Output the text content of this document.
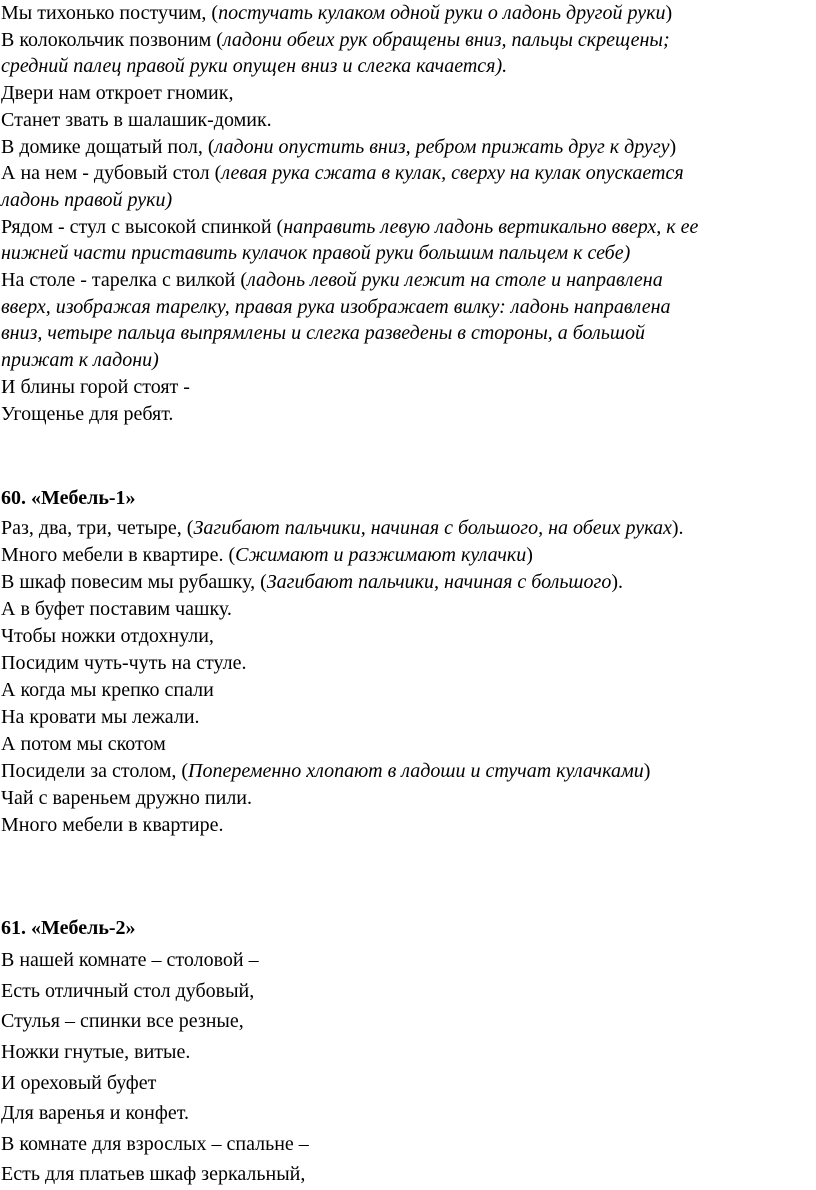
Мы тихонько постучим, (постучать кулаком одной руки о ладонь другой руки)
В колокольчик позвоним (ладони обеих рук обращены вниз, пальцы скрещены;
средний палец правой руки опущен вниз и слегка качается).
Двери нам откроет гномик,
Станет звать в шалашик-домик.
В домике дощатый пол, (ладони опустить вниз, ребром прижать друг к другу)
А на нем - дубовый стол (левая рука сжата в кулак, сверху на кулак опускается
ладонь правой руки)
Рядом - стул с высокой спинкой (направить левую ладонь вертикально вверх, к ее
нижней части приставить кулачок правой руки большим пальцем к себе)
На столе - тарелка с вилкой (ладонь левой руки лежит на столе и направлена
вверх, изображая тарелку, правая рука изображает вилку: ладонь направлена
вниз, четыре пальца выпрямлены и слегка разведены в стороны, а большой
прижат к ладони)
И блины горой стоят -
Угощенье для ребят.
60. «Мебель-1»
Раз, два, три, четыре, (Загибают пальчики, начиная с большого, на обеих руках).
Много мебели в квартире. (Сжимают и разжимают кулачки)
В шкаф повесим мы рубашку, (Загибают пальчики, начиная с большого).
А в буфет поставим чашку.
Чтобы ножки отдохнули,
Посидим чуть-чуть на стуле.
А когда мы крепко спали
На кровати мы лежали.
А потом мы скотом
Посидели за столом, (Попеременно хлопают в ладоши и стучат кулачками)
Чай с вареньем дружно пили.
Много мебели в квартире.
61. «Мебель-2»
В нашей комнате – столовой –
Есть отличный стол дубовый,
Стулья – спинки все резные,
Ножки гнутые, витые.
И ореховый буфет
Для варенья и конфет.
В комнате для взрослых – спальне –
Есть для платьев шкаф зеркальный,
